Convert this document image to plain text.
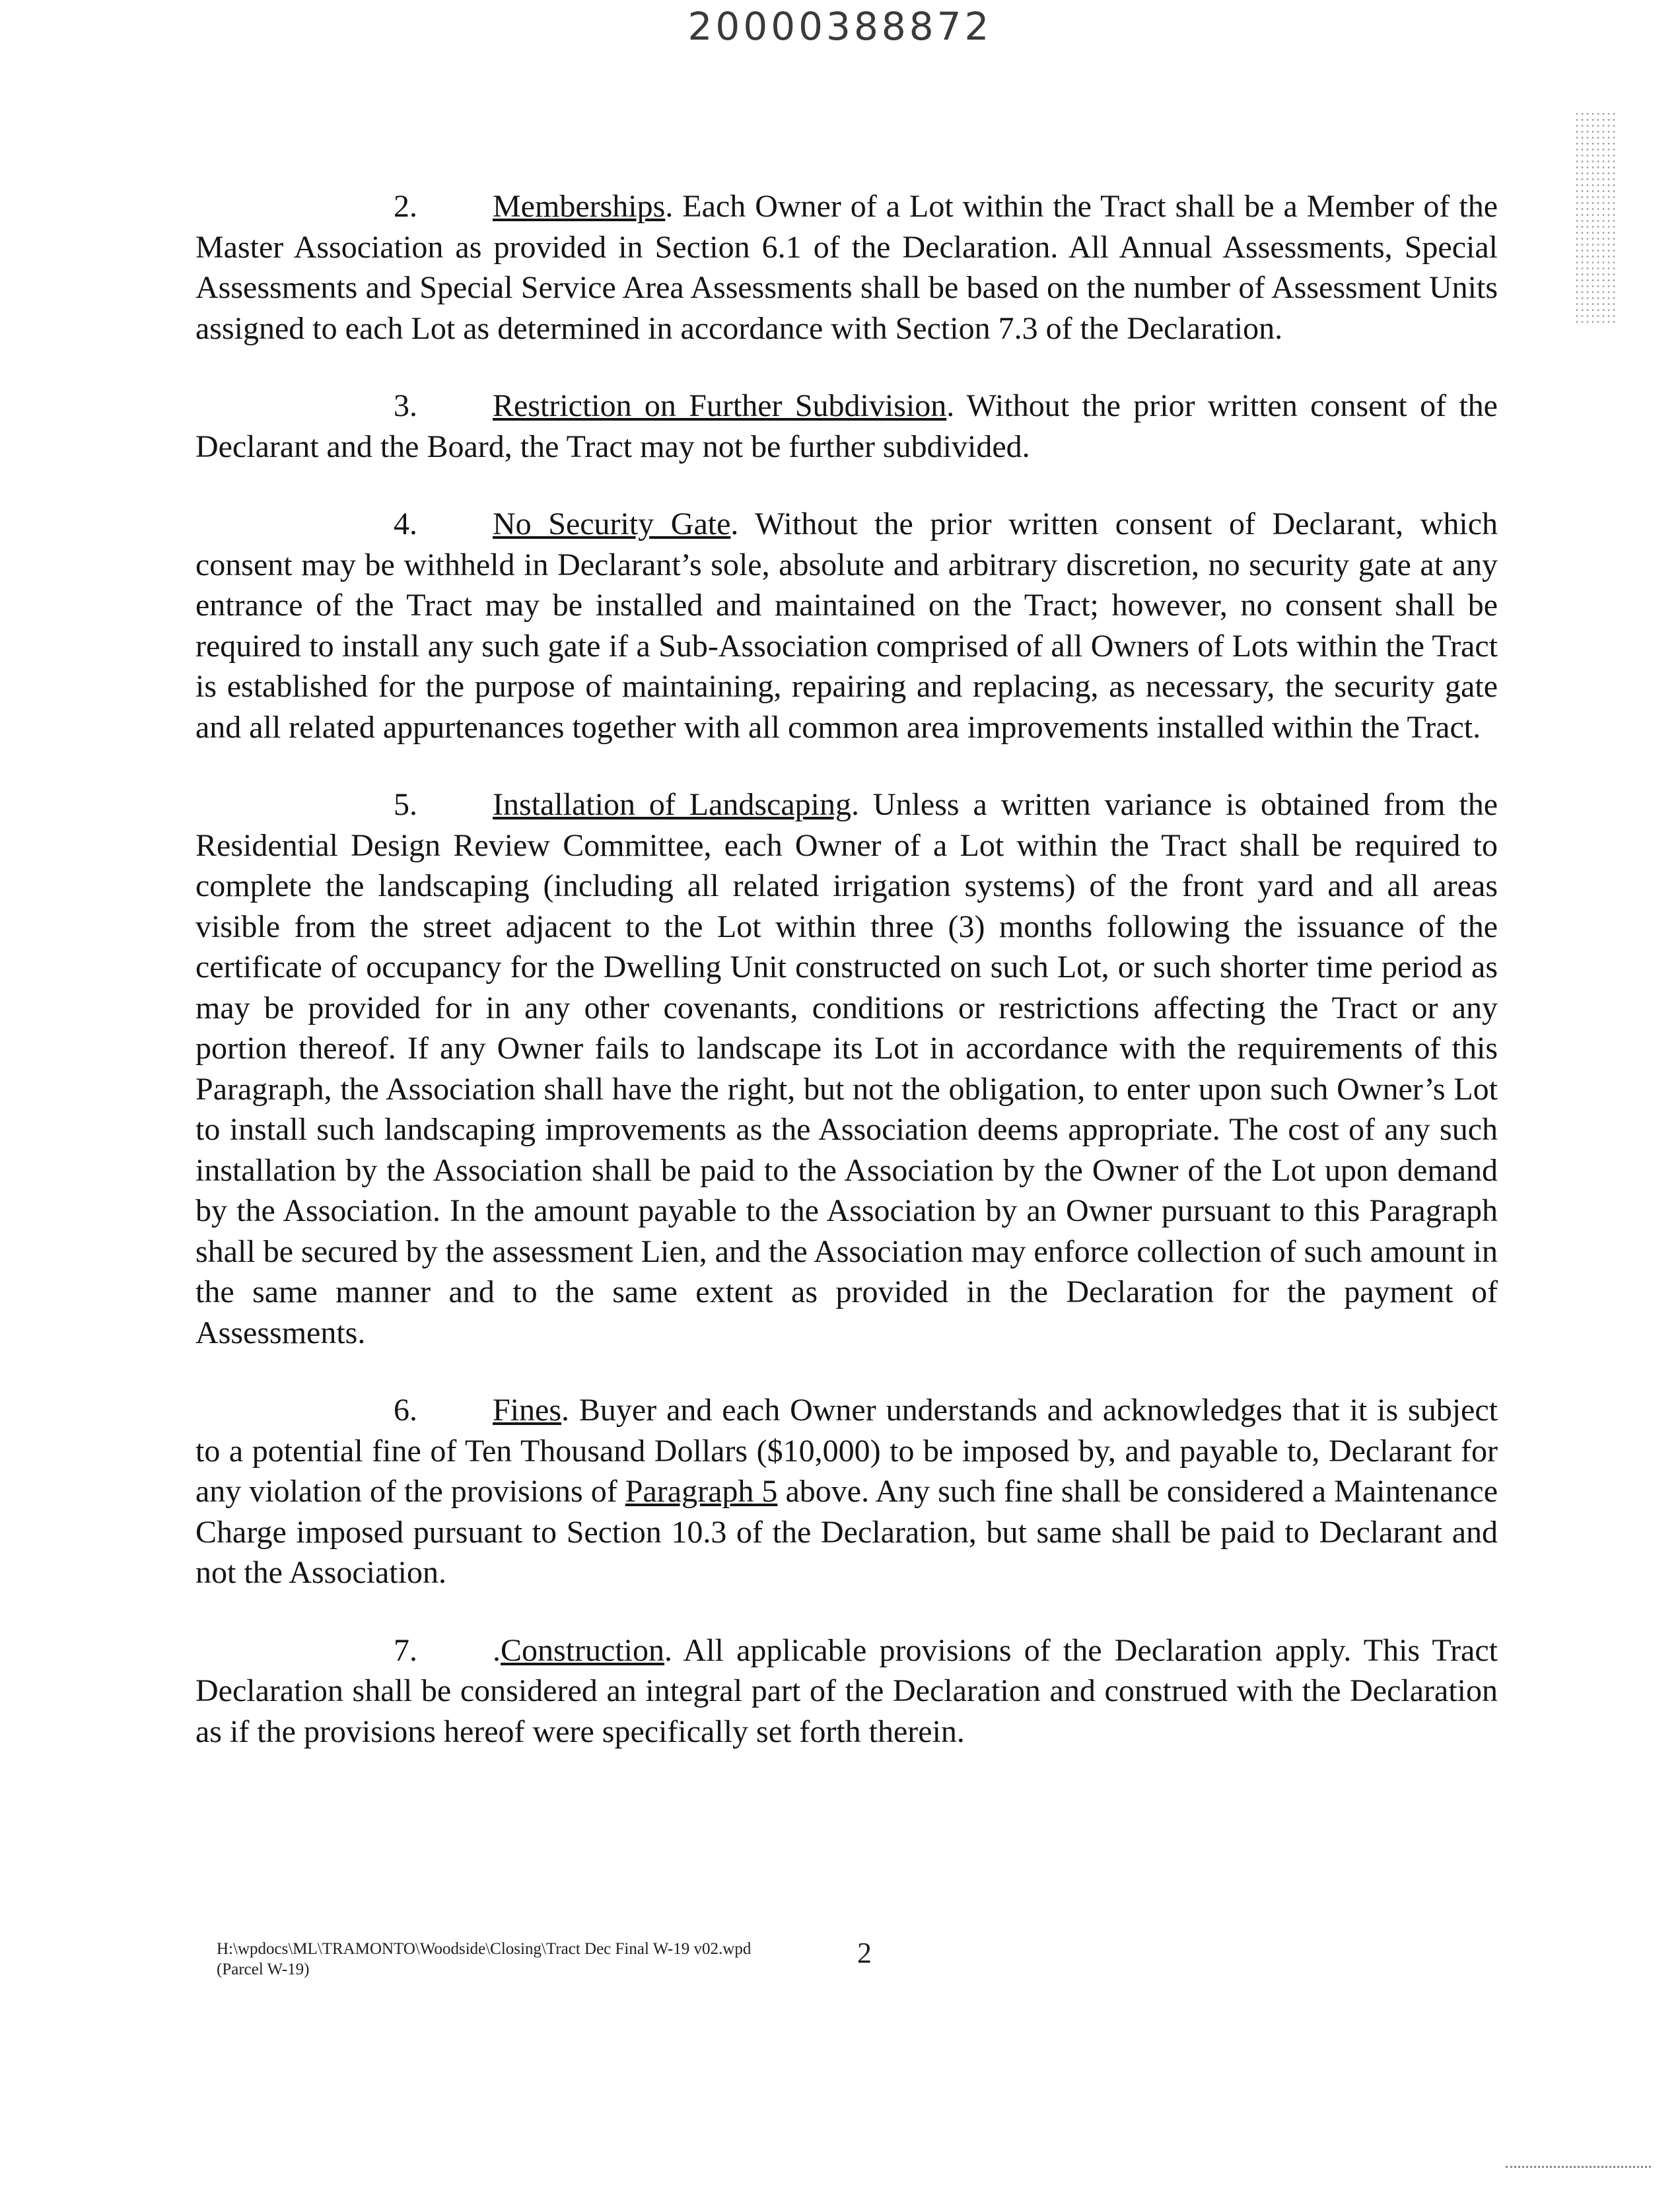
20000388872

2. Memberships. Each Owner of a Lot within the Tract shall be a Member of the Master Association as provided in Section 6.1 of the Declaration. All Annual Assessments, Special Assessments and Special Service Area Assessments shall be based on the number of Assessment Units assigned to each Lot as determined in accordance with Section 7.3 of the Declaration.

3. Restriction on Further Subdivision. Without the prior written consent of the Declarant and the Board, the Tract may not be further subdivided.

4. No Security Gate. Without the prior written consent of Declarant, which consent may be withheld in Declarant’s sole, absolute and arbitrary discretion, no security gate at any entrance of the Tract may be installed and maintained on the Tract; however, no consent shall be required to install any such gate if a Sub-Association comprised of all Owners of Lots within the Tract is established for the purpose of maintaining, repairing and replacing, as necessary, the security gate and all related appurtenances together with all common area improvements installed within the Tract.

5. Installation of Landscaping. Unless a written variance is obtained from the Residential Design Review Committee, each Owner of a Lot within the Tract shall be required to complete the landscaping (including all related irrigation systems) of the front yard and all areas visible from the street adjacent to the Lot within three (3) months following the issuance of the certificate of occupancy for the Dwelling Unit constructed on such Lot, or such shorter time period as may be provided for in any other covenants, conditions or restrictions affecting the Tract or any portion thereof. If any Owner fails to landscape its Lot in accordance with the requirements of this Paragraph, the Association shall have the right, but not the obligation, to enter upon such Owner’s Lot to install such landscaping improvements as the Association deems appropriate. The cost of any such installation by the Association shall be paid to the Association by the Owner of the Lot upon demand by the Association. In the amount payable to the Association by an Owner pursuant to this Paragraph shall be secured by the assessment Lien, and the Association may enforce collection of such amount in the same manner and to the same extent as provided in the Declaration for the payment of Assessments.

6. Fines. Buyer and each Owner understands and acknowledges that it is subject to a potential fine of Ten Thousand Dollars ($10,000) to be imposed by, and payable to, Declarant for any violation of the provisions of Paragraph 5 above. Any such fine shall be considered a Maintenance Charge imposed pursuant to Section 10.3 of the Declaration, but same shall be paid to Declarant and not the Association.

7. .Construction. All applicable provisions of the Declaration apply. This Tract Declaration shall be considered an integral part of the Declaration and construed with the Declaration as if the provisions hereof were specifically set forth therein.

H:\wpdocs\ML\TRAMONTO\Woodside\Closing\Tract Dec Final W-19 v02.wpd
(Parcel W-19)
2
